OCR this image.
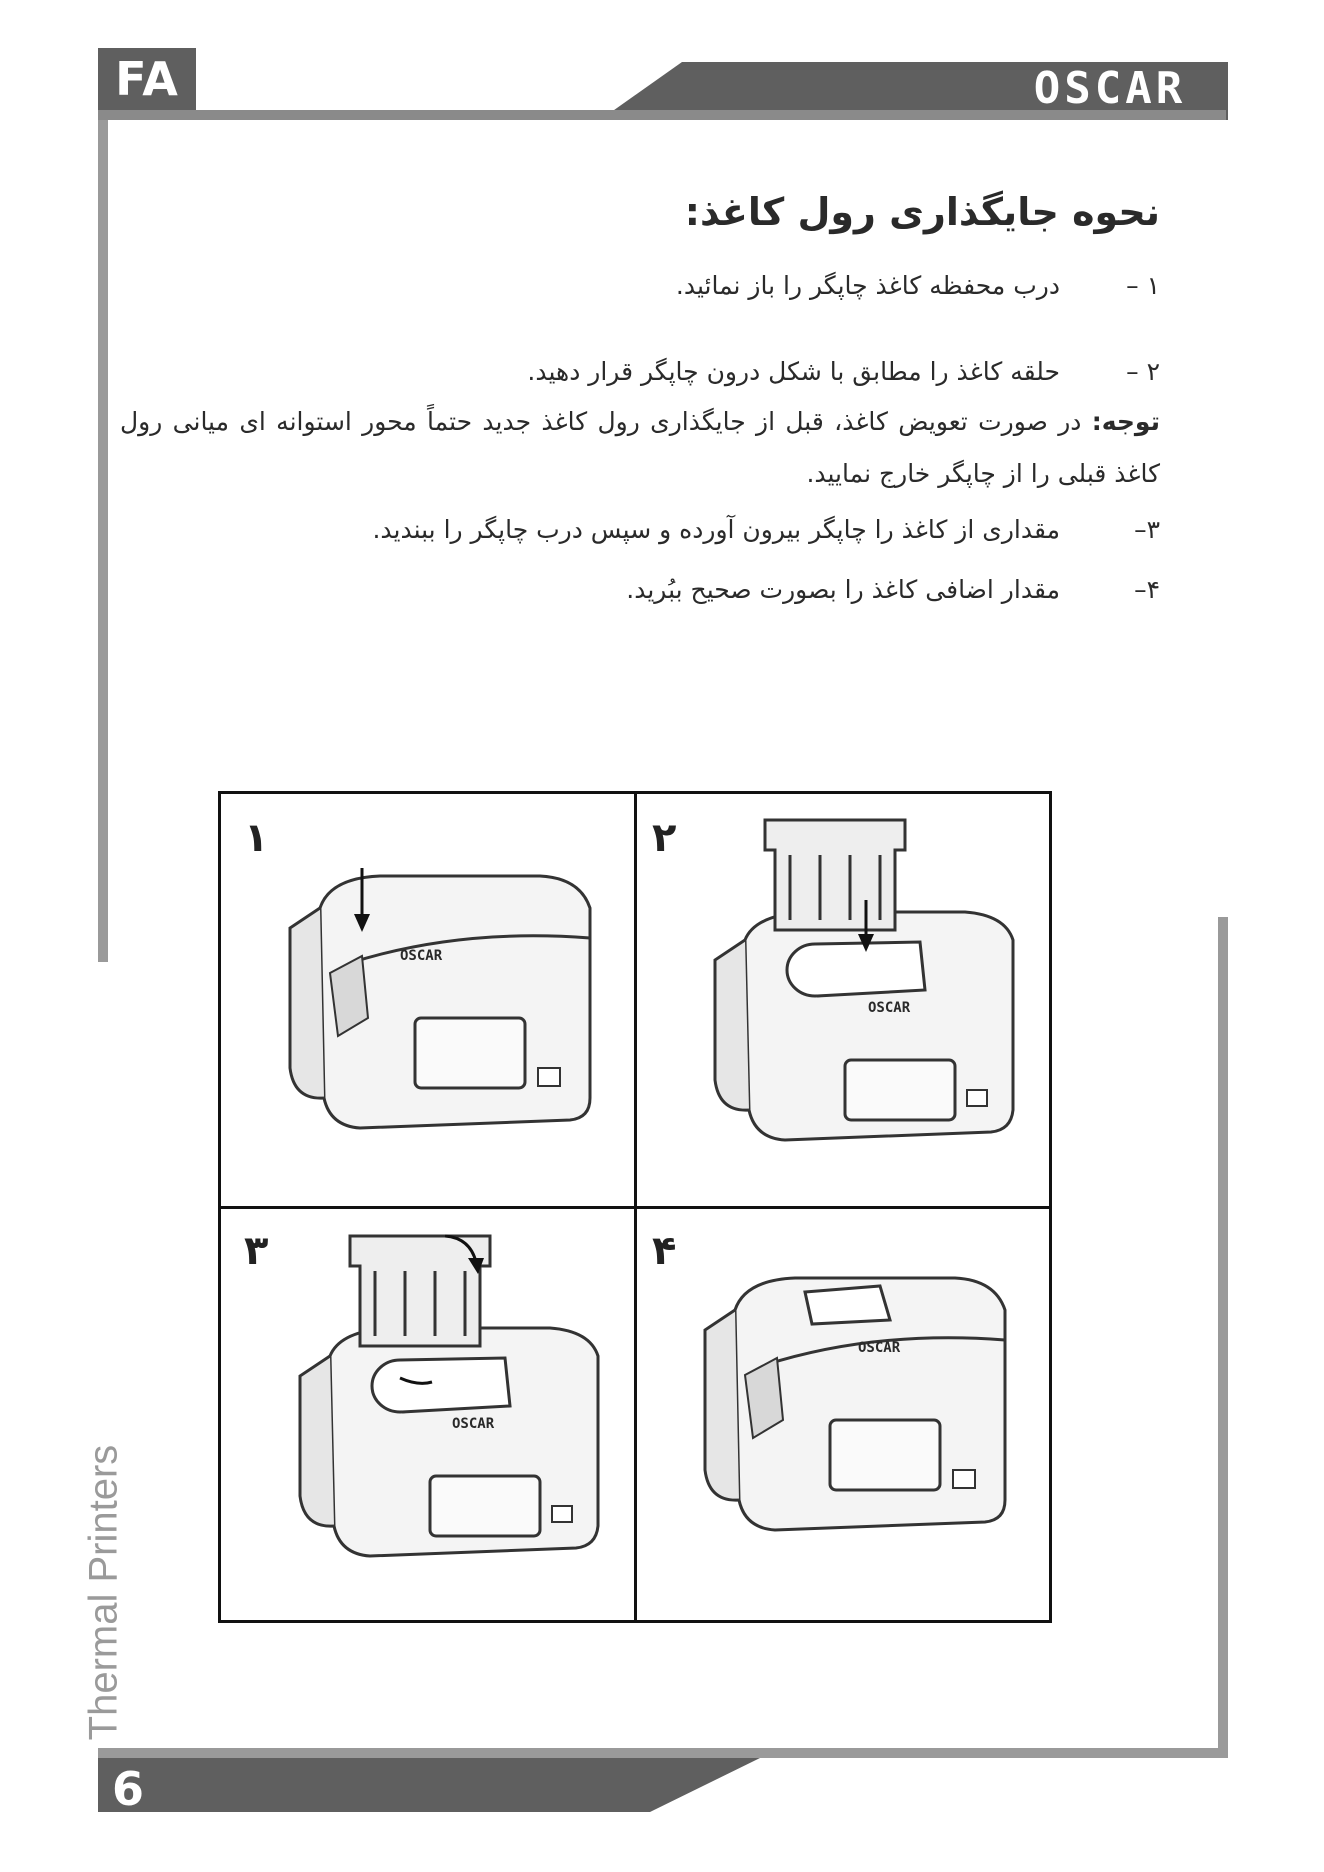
FA	OSCAR
نحوه جایگذاری رول کاغذ:
۱ –
درب محفظه کاغذ چاپگر را باز نمائید.
۲ –
حلقه کاغذ را مطابق با شکل درون چاپگر قرار دهید.
توجه: در صورت تعویض کاغذ، قبل از جایگذاری رول کاغذ جدید حتماً محور استوانه ای میانی رول کاغذ قبلی را از چاپگر خارج نمایید.
۳–
مقداری از کاغذ را چاپگر بیرون آورده و سپس درب چاپگر را ببندید.
۴–
مقدار اضافی کاغذ را بصورت صحیح ببُرید.
۱	۲
۳	۴
OSCAR
OSCAR
OSCAR
OSCAR
Thermal Printers
6
